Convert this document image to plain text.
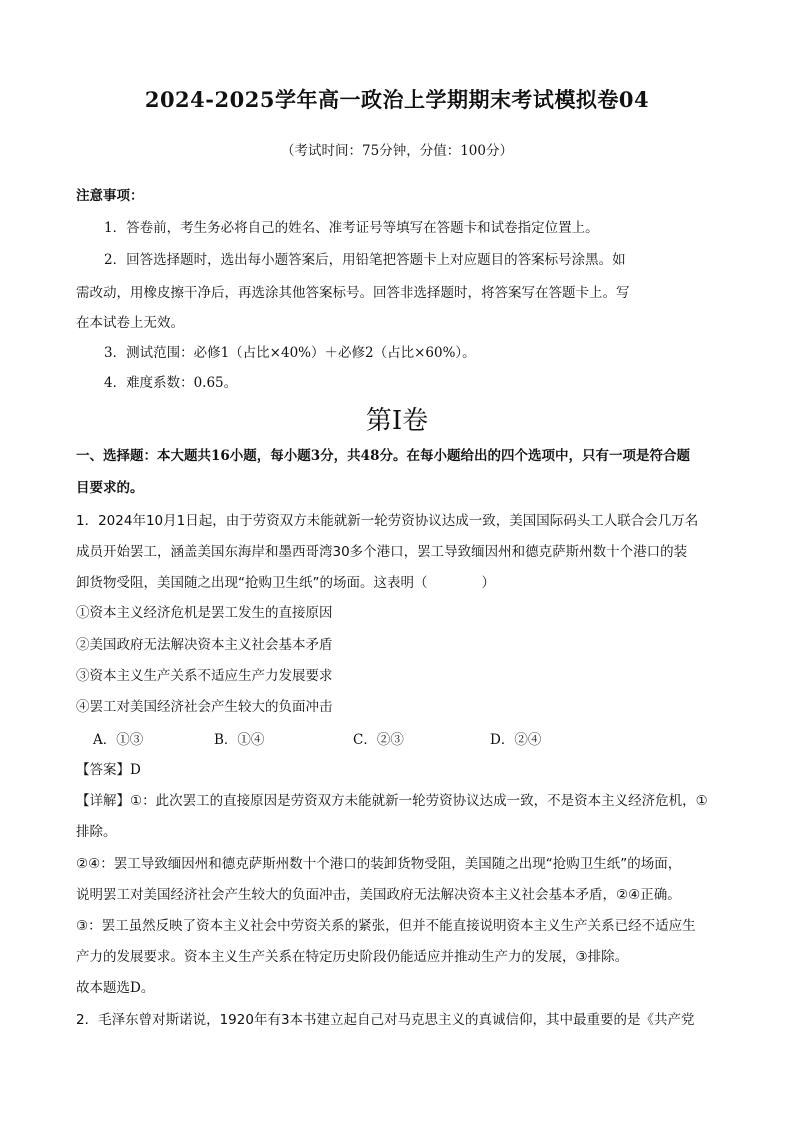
2024-2025学年高一政治上学期期末考试模拟卷04
（考试时间：75分钟，分值：100分）
注意事项：
1．答卷前，考生务必将自己的姓名、准考证号等填写在答题卡和试卷指定位置上。
2．回答选择题时，选出每小题答案后，用铅笔把答题卡上对应题目的答案标号涂黑。如
需改动，用橡皮擦干净后，再选涂其他答案标号。回答非选择题时，将答案写在答题卡上。写
在本试卷上无效。
3．测试范围：必修1（占比×40%）＋必修2（占比×60%）。
4．难度系数：0.65。
第I卷
一、选择题：本大题共16小题，每小题3分，共48分。在每小题给出的四个选项中，只有一项是符合题
目要求的。
1．2024年10月1日起，由于劳资双方未能就新一轮劳资协议达成一致，美国国际码头工人联合会几万名
成员开始罢工，涵盖美国东海岸和墨西哥湾30多个港口，罢工导致缅因州和德克萨斯州数十个港口的装
卸货物受阻，美国随之出现“抢购卫生纸”的场面。这表明（　　　　）
①资本主义经济危机是罢工发生的直接原因
②美国政府无法解决资本主义社会基本矛盾
③资本主义生产关系不适应生产力发展要求
④罢工对美国经济社会产生较大的负面冲击
A．①③	B．①④	C．②③	D．②④
【答案】D
【详解】①：此次罢工的直接原因是劳资双方未能就新一轮劳资协议达成一致，不是资本主义经济危机，①
排除。
②④：罢工导致缅因州和德克萨斯州数十个港口的装卸货物受阻，美国随之出现“抢购卫生纸”的场面，
说明罢工对美国经济社会产生较大的负面冲击，美国政府无法解决资本主义社会基本矛盾，②④正确。
③：罢工虽然反映了资本主义社会中劳资关系的紧张，但并不能直接说明资本主义生产关系已经不适应生
产力的发展要求。资本主义生产关系在特定历史阶段仍能适应并推动生产力的发展，③排除。
故本题选D。
2．毛泽东曾对斯诺说，1920年有3本书建立起自己对马克思主义的真诚信仰，其中最重要的是《共产党
